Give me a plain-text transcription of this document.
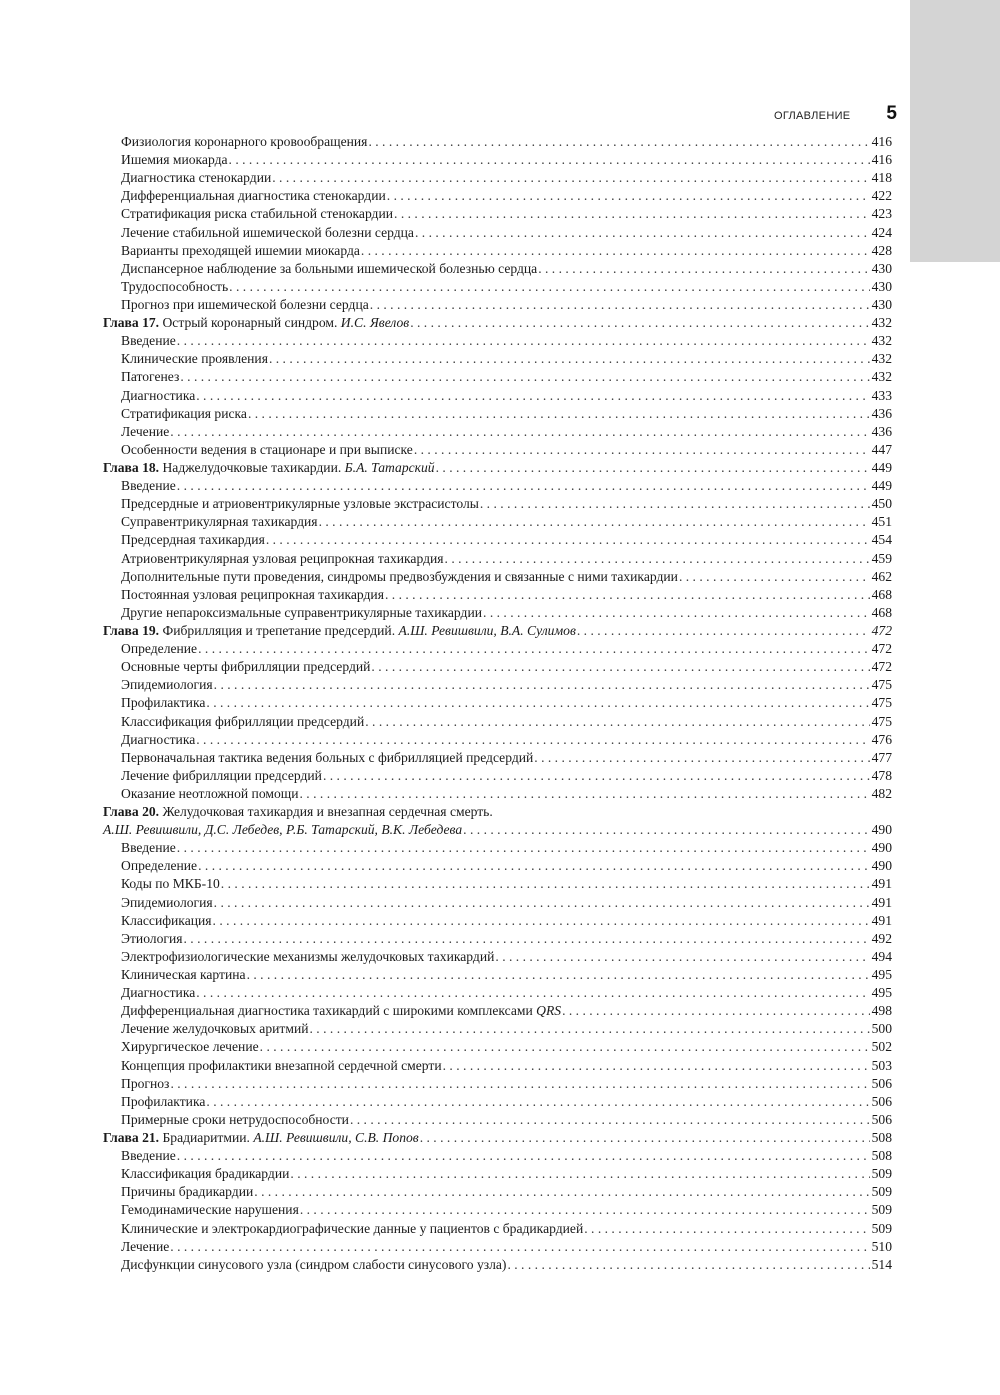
ОГЛАВЛЕНИЕ 5
Физиология коронарного кровообращения . . .	416
Ишемия миокарда . . .	416
Диагностика стенокардии . . .	418
Дифференциальная диагностика стенокардии . . .	422
Стратификация риска стабильной стенокардии . . .	423
Лечение стабильной ишемической болезни сердца . . .	424
Варианты преходящей ишемии миокарда . . .	428
Диспансерное наблюдение за больными ишемической болезнью сердца . . .	430
Трудоспособность . . .	430
Прогноз при ишемической болезни сердца . . .	430
Глава 17. Острый коронарный синдром. И.С. Явелов . . .	432
Введение . . .	432
Клинические проявления . . .	432
Патогенез . . .	432
Диагностика . . .	433
Стратификация риска . . .	436
Лечение . . .	436
Особенности ведения в стационаре и при выписке . . .	447
Глава 18. Наджелудочковые тахикардии. Б.А. Татарский . . .	449
Введение . . .	449
Предсердные и атриовентрикулярные узловые экстрасистолы . . .	450
Суправентрикулярная тахикардия . . .	451
Предсердная тахикардия . . .	454
Атриовентрикулярная узловая реципрокная тахикардия . . .	459
Дополнительные пути проведения, синдромы предвозбуждения и связанные с ними тахикардии . . .	462
Постоянная узловая реципрокная тахикардия . . .	468
Другие непароксизмальные суправентрикулярные тахикардии . . .	468
Глава 19. Фибрилляция и трепетание предсердий. А.Ш. Ревишвили, В.А. Сулимов . . .	472
Определение . . .	472
Основные черты фибрилляции предсердий . . .	472
Эпидемиология . . .	475
Профилактика . . .	475
Классификация фибрилляции предсердий . . .	475
Диагностика . . .	476
Первоначальная тактика ведения больных с фибрилляцией предсердий . . .	477
Лечение фибрилляции предсердий . . .	478
Оказание неотложной помощи . . .	482
Глава 20. Желудочковая тахикардия и внезапная сердечная смерть.
А.Ш. Ревишвили, Д.С. Лебедев, Р.Б. Татарский, В.К. Лебедева . . .	490
Введение . . .	490
Определение . . .	490
Коды по МКБ-10 . . .	491
Эпидемиология . . .	491
Классификация . . .	491
Этиология . . .	492
Электрофизиологические механизмы желудочковых тахикардий . . .	494
Клиническая картина . . .	495
Диагностика . . .	495
Дифференциальная диагностика тахикардий с широкими комплексами QRS . . .	498
Лечение желудочковых аритмий . . .	500
Хирургическое лечение . . .	502
Концепция профилактики внезапной сердечной смерти . . .	503
Прогноз . . .	506
Профилактика . . .	506
Примерные сроки нетрудоспособности . . .	506
Глава 21. Брадиаритмии. А.Ш. Ревишвили, С.В. Попов . . .	508
Введение . . .	508
Классификация брадикардии . . .	509
Причины брадикардии . . .	509
Гемодинамические нарушения . . .	509
Клинические и электрокардиографические данные у пациентов с брадикардией . . .	509
Лечение . . .	510
Дисфункции синусового узла (синдром слабости синусового узла) . . .	514
